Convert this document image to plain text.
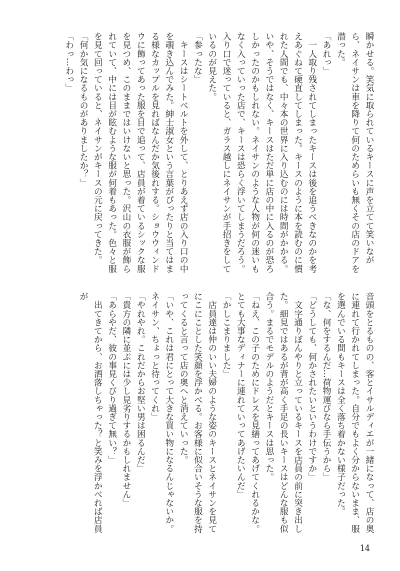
瞬かせる。笑気に取られているキースに声を立てて笑いながら、ネイサンは車を降りて何のためらいも無くその店のドアを潜った。
「あれっ」
　一人取り残されてしまったキースは後を追うべきなのかを考えあぐねて硬直してしまった。キースのように本を読むのに慣れた人間でも、中々本の世界に入り込むのには時間がかかる。いや、そうではなく、キースはただ単に店の中に入るのが恐ろしかったのかもしれない。ネイサンのような人物が何の迷いもなく入っていった店で、キースは恐らく浮いてしまうだろう。入り口で迷っていると、ガラス越しにネイサンが手招きをしているのが見えた。
「参ったな」
　キースはシートベルトを外して、とりあえず店の入り口の中を覗き込んでみた。紳士淑女という言葉がぴったりと当てはまる様なカップルを見ればなんだか気後れする。ショウウィンドウに飾ってあった服を目で追って、店員が着ているシックな服を見つめ、このままではいけないと思った。沢山の衣服が飾られていて、中には目が眩むような服が何着もあった。色々と服を見て回っていると、ネイサンがキースの元に戻ってきた。
「何か気になるものがありましたか？」
「わっ…わっ」
音頭をとるものの、客とイサルディエが一緒になって、店の奥に連れて行かれてしまった。自分でもよく分からないまま、服を選んでいる間もキースは全く落ち着かない様子だった。
「な、何をするんだ…荷物運びなら手伝うから」
「どうしても、何かされたいというわけですか」
　文字通りぼんやりと立っているキースを店員の前に突き出した。細見ではあるが背が高く手足の長いキースはどんな服も似合う。まるでモデルのようだとキースは思った。
「ねえ、この子のためにドレスを見繕ってあげてくれるかな。とても大事なディナーに連れていってあげたいんだ」
「かしこまりました」
　店員達は仲のいい夫婦のような姿のキースとネイサンを見てにこにことした笑顔を浮かべる。お客様に似合いそうな服を持ってくると言って店の奥へと消えていった。
「いや、これは君にとって大きな買い物になるんじゃないか。ネイサン、ちょっと待ってくれ」
「やれやれ。これだからお堅い男は困るんだ」
「貴方の隣に並ぶには少し見劣りするかもしれません」
「あらやだ、彼の事見くびり過ぎて無い？」
　出てきてから、お洒落しちゃった？と笑みを浮かべれば店員が
14
